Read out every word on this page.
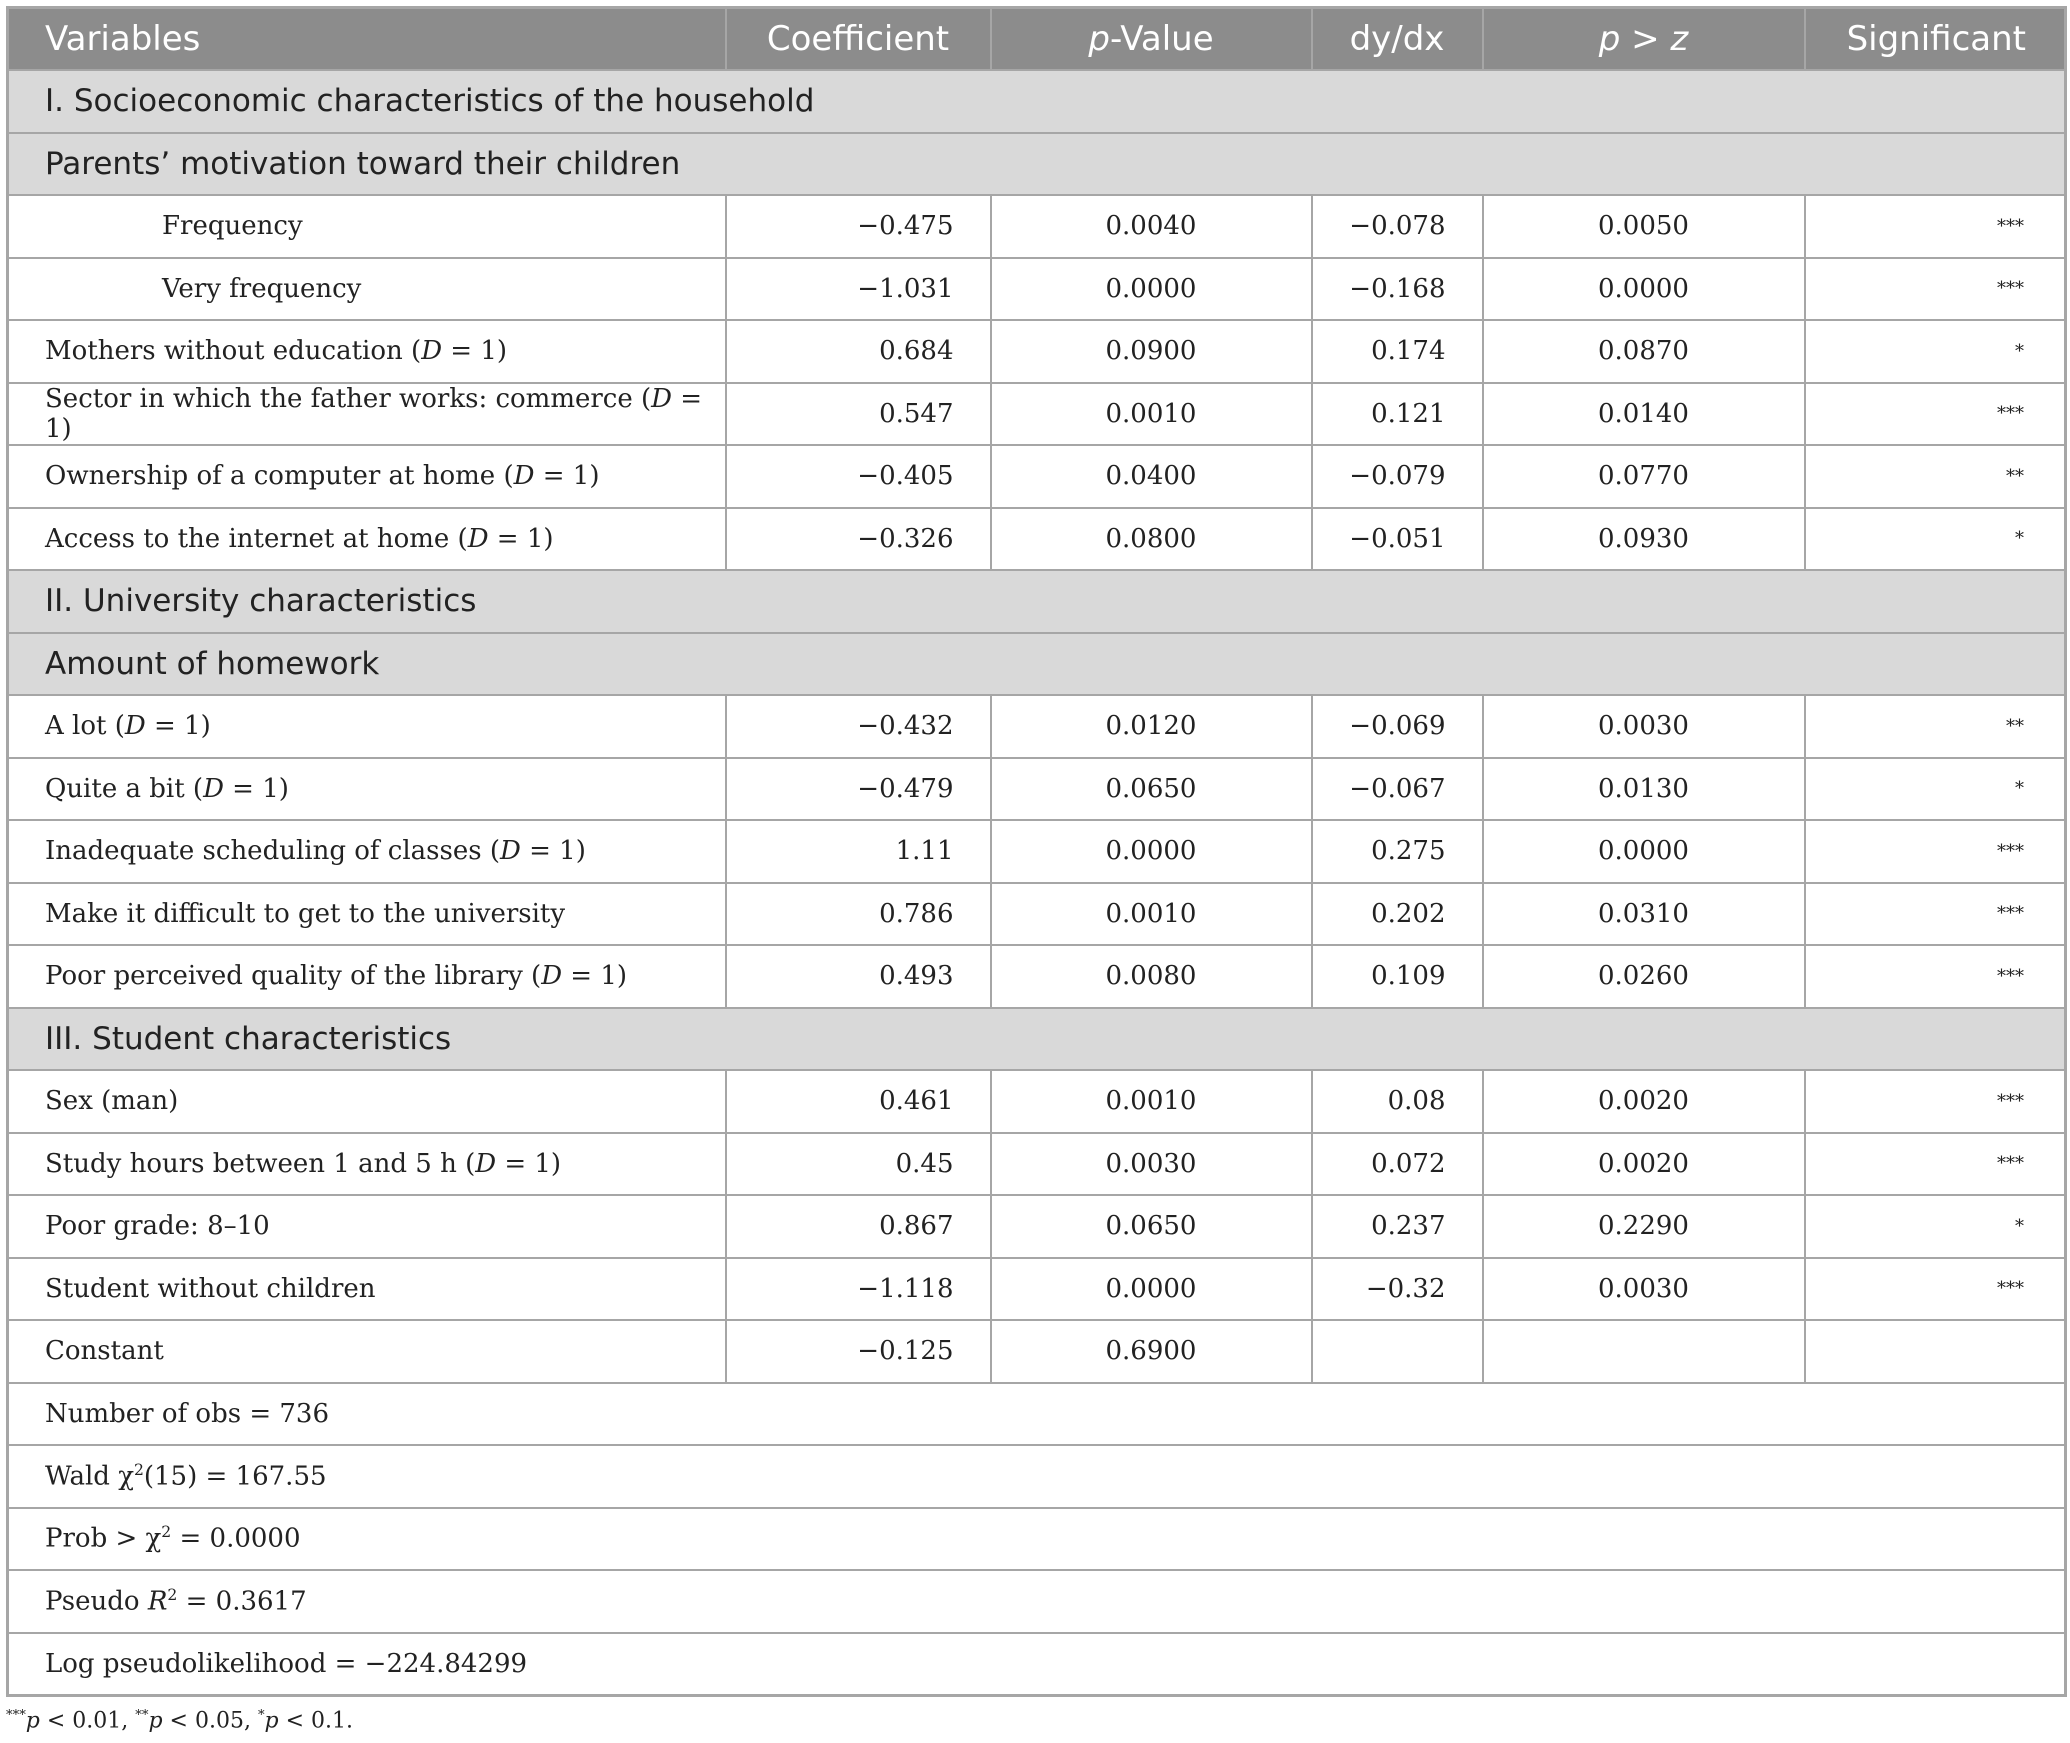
Variables	Coefficient	p-Value	dy/dx	p > z	Significant
I. Socioeconomic characteristics of the household					
Parents’ motivation toward their children					
Frequency	−0.475	0.0040	−0.078	0.0050	***
Very frequency	−1.031	0.0000	−0.168	0.0000	***
Mothers without education (D = 1)	0.684	0.0900	0.174	0.0870	*
Sector in which the father works: commerce (D = 1)	0.547	0.0010	0.121	0.0140	***
Ownership of a computer at home (D = 1)	−0.405	0.0400	−0.079	0.0770	**
Access to the internet at home (D = 1)	−0.326	0.0800	−0.051	0.0930	*
II. University characteristics					
Amount of homework					
A lot (D = 1)	−0.432	0.0120	−0.069	0.0030	**
Quite a bit (D = 1)	−0.479	0.0650	−0.067	0.0130	*
Inadequate scheduling of classes (D = 1)	1.11	0.0000	0.275	0.0000	***
Make it difficult to get to the university	0.786	0.0010	0.202	0.0310	***
Poor perceived quality of the library (D = 1)	0.493	0.0080	0.109	0.0260	***
III. Student characteristics					
Sex (man)	0.461	0.0010	0.08	0.0020	***
Study hours between 1 and 5 h (D = 1)	0.45	0.0030	0.072	0.0020	***
Poor grade: 8–10	0.867	0.0650	0.237	0.2290	*
Student without children	−1.118	0.0000	−0.32	0.0030	***
Constant	−0.125	0.6900			
Number of obs = 736					
Wald $\chi^2(15) = 167.55$					
Prob > $\chi^2 = 0.0000$					
Pseudo $R^2 = 0.3617$					
Log pseudolikelihood = −224.84299					
***p < 0.01, **p < 0.05, *p < 0.1.
